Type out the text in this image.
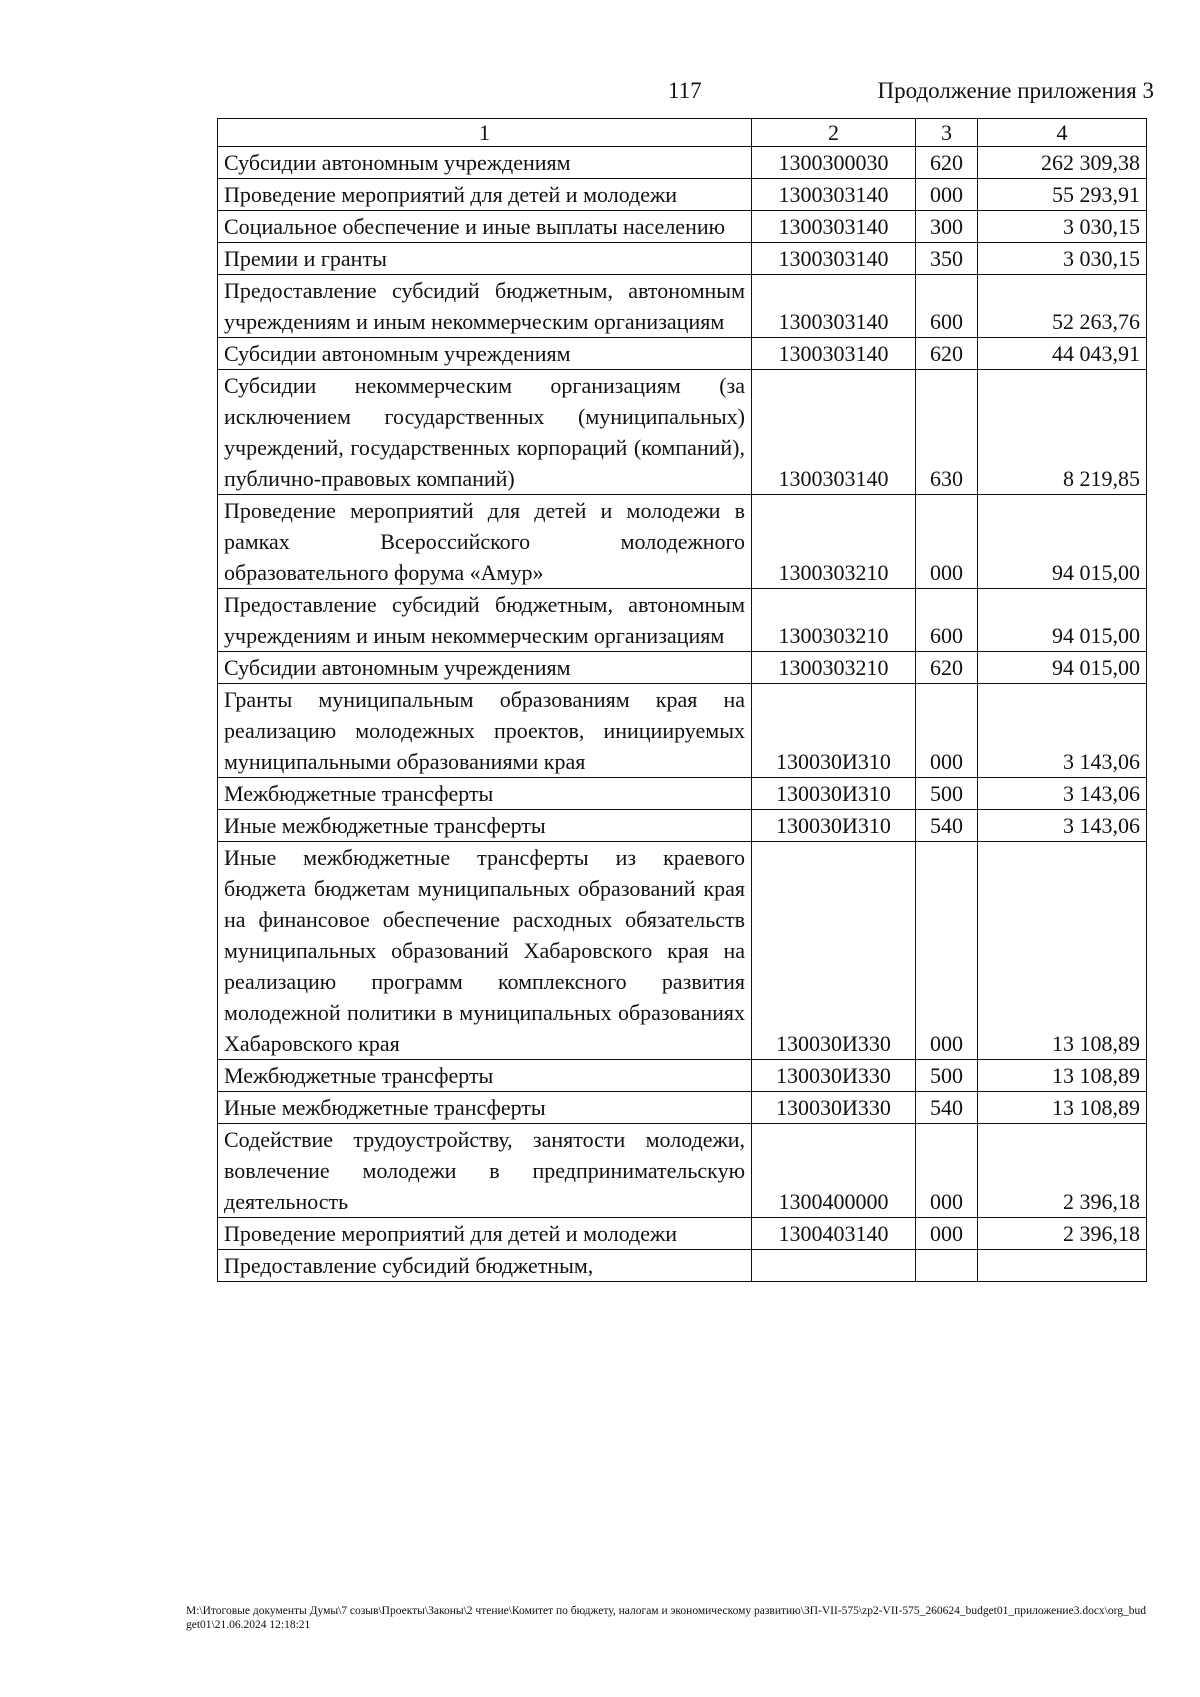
117	Продолжение приложения 3
1	2	3	4
Субсидии автономным учреждениям	1300300030	620	262 309,38
Проведение мероприятий для детей и молодежи	1300303140	000	55 293,91
Социальное обеспечение и иные выплаты населению	1300303140	300	3 030,15
Премии и гранты	1300303140	350	3 030,15
Предоставление субсидий бюджетным, автономным учреждениям и иным некоммерческим организациям	1300303140	600	52 263,76
Субсидии автономным учреждениям	1300303140	620	44 043,91
Субсидии некоммерческим организациям (за исключением государственных (муниципальных) учреждений, государственных корпораций (компаний), публично-правовых компаний)	1300303140	630	8 219,85
Проведение мероприятий для детей и молодежи в рамках Всероссийского молодежного образовательного форума «Амур»	1300303210	000	94 015,00
Предоставление субсидий бюджетным, автономным учреждениям и иным некоммерческим организациям	1300303210	600	94 015,00
Субсидии автономным учреждениям	1300303210	620	94 015,00
Гранты муниципальным образованиям края на реализацию молодежных проектов, инициируемых муниципальными образованиями края	130030И310	000	3 143,06
Межбюджетные трансферты	130030И310	500	3 143,06
Иные межбюджетные трансферты	130030И310	540	3 143,06
Иные межбюджетные трансферты из краевого бюджета бюджетам муниципальных образований края на финансовое обеспечение расходных обязательств муниципальных образований Хабаровского края на реализацию программ комплексного развития молодежной политики в муниципальных образованиях Хабаровского края	130030И330	000	13 108,89
Межбюджетные трансферты	130030И330	500	13 108,89
Иные межбюджетные трансферты	130030И330	540	13 108,89
Содействие трудоустройству, занятости молодежи, вовлечение молодежи в предпринимательскую деятельность	1300400000	000	2 396,18
Проведение мероприятий для детей и молодежи	1300403140	000	2 396,18
Предоставление субсидий бюджетным,			
M:\Итоговые документы Думы\7 созыв\Проекты\Законы\2 чтение\Комитет по бюджету, налогам и экономическому развитию\ЗП-VII-575\zp2-VII-575_260624_budget01_приложение3.docx\org_budget01\21.06.2024 12:18:21
